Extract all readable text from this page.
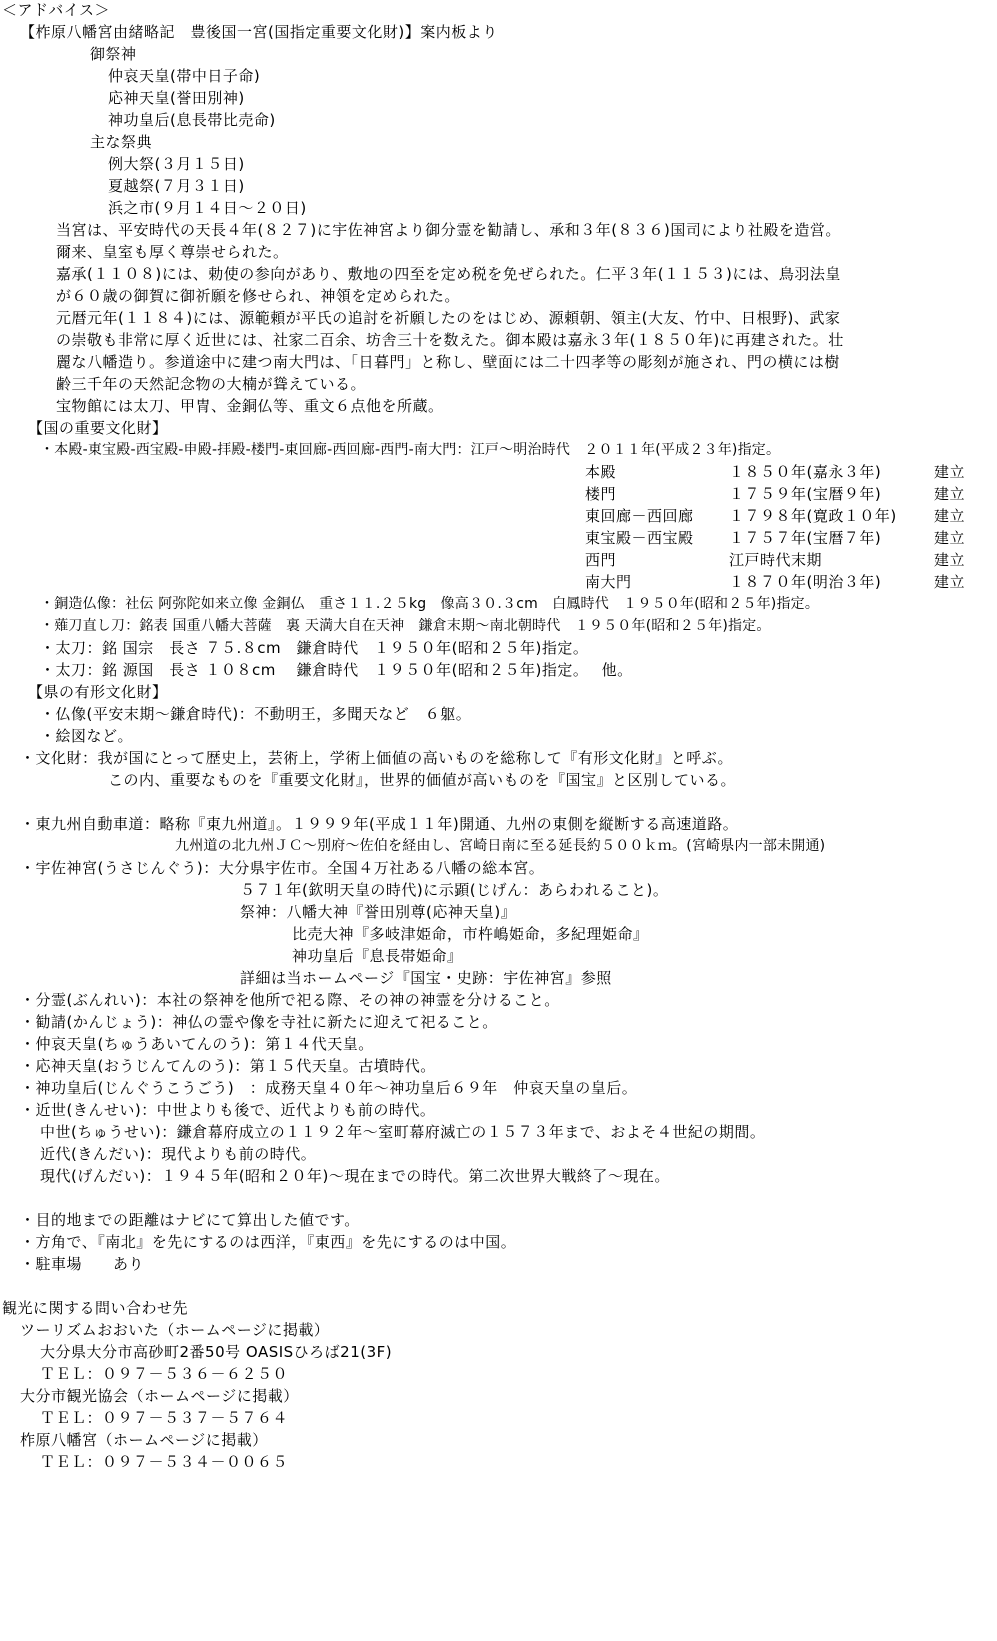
＜アドバイス＞
【柞原八幡宮由緒略記　豊後国一宮(国指定重要文化財)】案内板より
御祭神
仲哀天皇(帯中日子命)
応神天皇(誉田別神)
神功皇后(息長帯比売命)
主な祭典
例大祭(３月１５日)
夏越祭(７月３１日)
浜之市(９月１４日～２０日)
当宮は、平安時代の天長４年(８２７)に宇佐神宮より御分霊を勧請し、承和３年(８３６)国司により社殿を造営。
爾来、皇室も厚く尊崇せられた。
嘉承(１１０８)には、勅使の参向があり、敷地の四至を定め税を免ぜられた。仁平３年(１１５３)には、鳥羽法皇
が６０歳の御賀に御祈願を修せられ、神領を定められた。
元暦元年(１１８４)には、源範頼が平氏の追討を祈願したのをはじめ、源頼朝、領主(大友、竹中、日根野)、武家
の崇敬も非常に厚く近世には、社家二百余、坊舎三十を数えた。御本殿は嘉永３年(１８５０年)に再建された。壮
麗な八幡造り。参道途中に建つ南大門は、「日暮門」と称し、壁面には二十四孝等の彫刻が施され、門の横には樹
齢三千年の天然記念物の大楠が聳えている。
宝物館には太刀、甲冑、金銅仏等、重文６点他を所蔵。
【国の重要文化財】
・本殿-東宝殿-西宝殿-申殿-拝殿-楼門-東回廊-西回廊-西門-南大門：江戸～明治時代　２０１１年(平成２３年)指定。
本殿	１８５０年(嘉永３年)	建立
楼門	１７５９年(宝暦９年)	建立
東回廊－西回廊 １７９８年(寛政１０年) 建立
東宝殿－西宝殿 １７５７年(宝暦７年)	建立
西門	江戸時代末期	建立
南大門	１８７０年(明治３年)	建立
・銅造仏像：社伝 阿弥陀如来立像 金銅仏　重さ１１.２５kg　像高３０.３cm　白鳳時代　１９５０年(昭和２５年)指定。
・薙刀直し刀：銘表 国重八幡大菩薩　裏 天満大自在天神　鎌倉末期～南北朝時代　１９５０年(昭和２５年)指定。
・太刀：銘 国宗　長さ ７５.８cm　鎌倉時代　１９５０年(昭和２５年)指定。
・太刀：銘 源国　長さ １０８cm　 鎌倉時代　１９５０年(昭和２５年)指定。　 他。
【県の有形文化財】
・仏像(平安末期～鎌倉時代)：不動明王，多聞天など　６躯。
・絵図など。
・文化財：我が国にとって歴史上，芸術上，学術上価値の高いものを総称して『有形文化財』と呼ぶ。
この内、重要なものを『重要文化財』，世界的価値が高いものを『国宝』と区別している。
・東九州自動車道：略称『東九州道』。１９９９年(平成１１年)開通、九州の東側を縦断する高速道路。
九州道の北九州ＪＣ～別府～佐伯を経由し、宮崎日南に至る延長約５００ｋｍ。(宮崎県内一部未開通)
・宇佐神宮(うさじんぐう)：大分県宇佐市。全国４万社ある八幡の総本宮。
５７１年(欽明天皇の時代)に示顕(じげん：あらわれること)。
祭神：八幡大神『誉田別尊(応神天皇)』
比売大神『多岐津姫命，市杵嶋姫命，多紀理姫命』
神功皇后『息長帯姫命』
詳細は当ホームページ『国宝・史跡：宇佐神宮』参照
・分霊(ぶんれい)：本社の祭神を他所で祀る際、その神の神霊を分けること。
・勧請(かんじょう)：神仏の霊や像を寺社に新たに迎えて祀ること。
・仲哀天皇(ちゅうあいてんのう)：第１４代天皇。
・応神天皇(おうじんてんのう)：第１５代天皇。古墳時代。
・神功皇后(じんぐうこうごう)　：成務天皇４０年～神功皇后６９年　仲哀天皇の皇后。
・近世(きんせい)：中世よりも後で、近代よりも前の時代。
中世(ちゅうせい)：鎌倉幕府成立の１１９２年～室町幕府滅亡の１５７３年まで、およそ４世紀の期間。
近代(きんだい)：現代よりも前の時代。
現代(げんだい)：１９４５年(昭和２０年)～現在までの時代。第二次世界大戦終了～現在。
・目的地までの距離はナビにて算出した値です。
・方角で、『南北』を先にするのは西洋，『東西』を先にするのは中国。
・駐車場　　あり
観光に関する問い合わせ先
ツーリズムおおいた（ホームページに掲載）
大分県大分市高砂町2番50号 OASISひろば21(3F)
ＴＥＬ：０９７－５３６－６２５０
大分市観光協会（ホームページに掲載）
ＴＥＬ：０９７－５３７－５７６４
柞原八幡宮（ホームページに掲載）
ＴＥＬ：０９７－５３４－００６５
